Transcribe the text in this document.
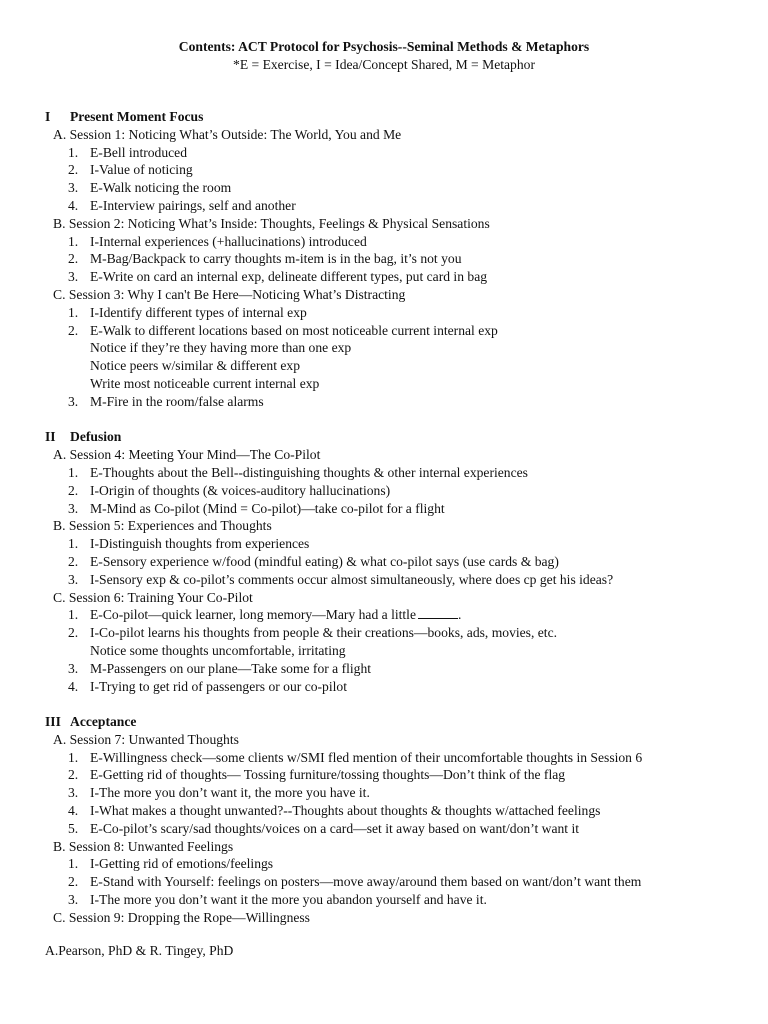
Contents: ACT Protocol for Psychosis--Seminal Methods & Metaphors
*E = Exercise, I = Idea/Concept Shared, M = Metaphor
I Present Moment Focus
A. Session 1: Noticing What’s Outside: The World, You and Me
1. E-Bell introduced
2. I-Value of noticing
3. E-Walk noticing the room
4. E-Interview pairings, self and another
B. Session 2: Noticing What’s Inside: Thoughts, Feelings & Physical Sensations
1. I-Internal experiences (+hallucinations) introduced
2. M-Bag/Backpack to carry thoughts m-item is in the bag, it’s not you
3. E-Write on card an internal exp, delineate different types, put card in bag
C. Session 3: Why I can't Be Here—Noticing What’s Distracting
1. I-Identify different types of internal exp
2. E-Walk to different locations based on most noticeable current internal exp
Notice if they’re they having more than one exp
Notice peers w/similar & different exp
Write most noticeable current internal exp
3. M-Fire in the room/false alarms
II Defusion
A. Session 4: Meeting Your Mind—The Co-Pilot
1. E-Thoughts about the Bell--distinguishing thoughts & other internal experiences
2. I-Origin of thoughts (& voices-auditory hallucinations)
3. M-Mind as Co-pilot (Mind = Co-pilot)—take co-pilot for a flight
B. Session 5: Experiences and Thoughts
1. I-Distinguish thoughts from experiences
2. E-Sensory experience w/food (mindful eating) & what co-pilot says (use cards & bag)
3. I-Sensory exp & co-pilot’s comments occur almost simultaneously, where does cp get his ideas?
C. Session 6: Training Your Co-Pilot
1. E-Co-pilot—quick learner, long memory—Mary had a little	.
2. I-Co-pilot learns his thoughts from people & their creations—books, ads, movies, etc.
Notice some thoughts uncomfortable, irritating
3. M-Passengers on our plane—Take some for a flight
4. I-Trying to get rid of passengers or our co-pilot
III Acceptance
A. Session 7: Unwanted Thoughts
1. E-Willingness check—some clients w/SMI fled mention of their uncomfortable thoughts in Session 6
2. E-Getting rid of thoughts— Tossing furniture/tossing thoughts—Don’t think of the flag
3. I-The more you don’t want it, the more you have it.
4. I-What makes a thought unwanted?--Thoughts about thoughts & thoughts w/attached feelings
5. E-Co-pilot’s scary/sad thoughts/voices on a card—set it away based on want/don’t want it
B. Session 8: Unwanted Feelings
1. I-Getting rid of emotions/feelings
2. E-Stand with Yourself: feelings on posters—move away/around them based on want/don’t want them
3. I-The more you don’t want it the more you abandon yourself and have it.
C. Session 9: Dropping the Rope—Willingness
A.Pearson, PhD & R. Tingey, PhD
